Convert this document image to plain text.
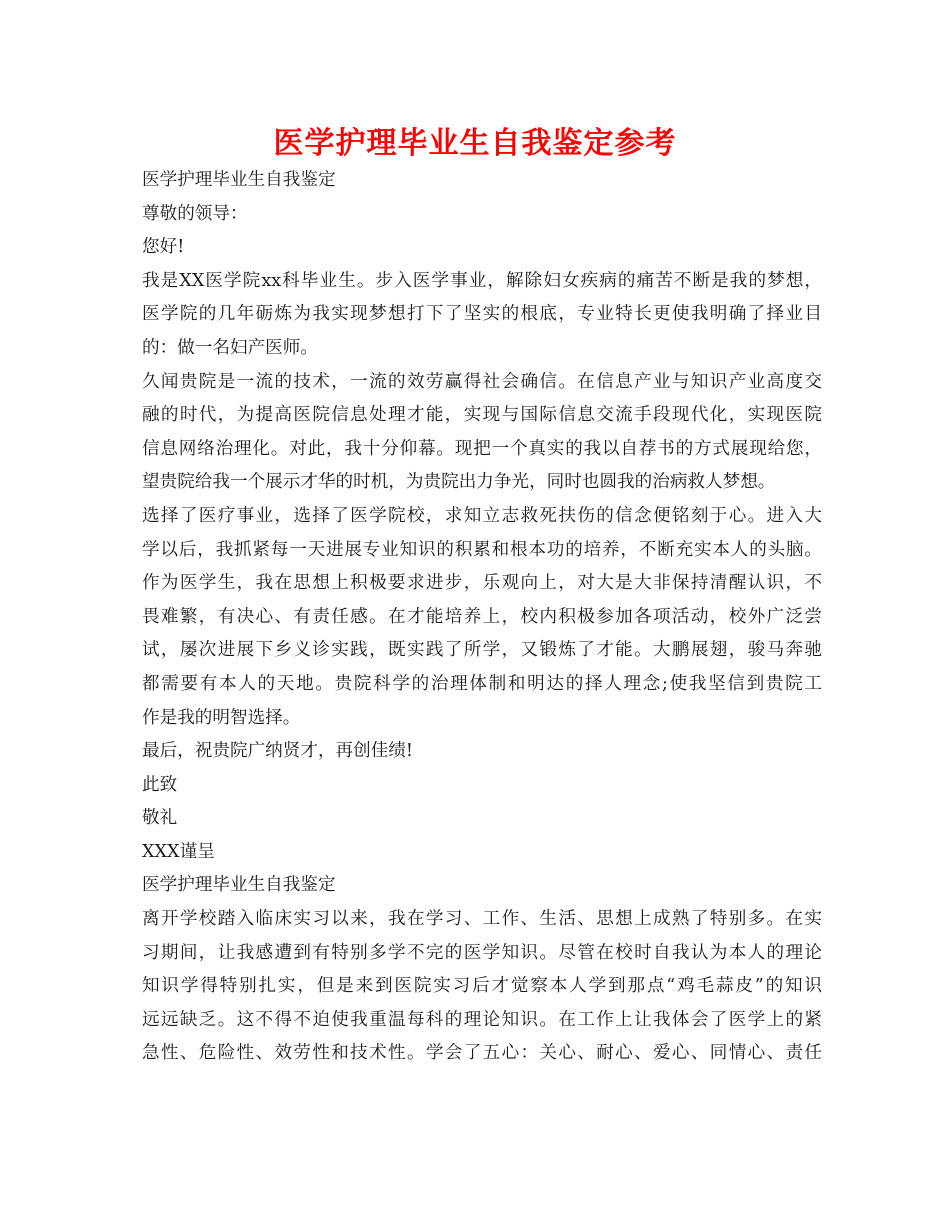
医学护理毕业生自我鉴定参考
医学护理毕业生自我鉴定
尊敬的领导：
您好!
我是XX医学院xx科毕业生。步入医学事业，解除妇女疾病的痛苦不断是我的梦想，
医学院的几年砺炼为我实现梦想打下了坚实的根底，专业特长更使我明确了择业目
的：做一名妇产医师。
久闻贵院是一流的技术，一流的效劳赢得社会确信。在信息产业与知识产业高度交
融的时代，为提高医院信息处理才能，实现与国际信息交流手段现代化，实现医院
信息网络治理化。对此，我十分仰幕。现把一个真实的我以自荐书的方式展现给您，
望贵院给我一个展示才华的时机，为贵院出力争光，同时也圆我的治病救人梦想。
选择了医疗事业，选择了医学院校，求知立志救死扶伤的信念便铭刻于心。进入大
学以后，我抓紧每一天进展专业知识的积累和根本功的培养，不断充实本人的头脑。
作为医学生，我在思想上积极要求进步，乐观向上，对大是大非保持清醒认识，不
畏难繁，有决心、有责任感。在才能培养上，校内积极参加各项活动，校外广泛尝
试，屡次进展下乡义诊实践，既实践了所学，又锻炼了才能。大鹏展翅，骏马奔驰
都需要有本人的天地。贵院科学的治理体制和明达的择人理念;使我坚信到贵院工
作是我的明智选择。
最后，祝贵院广纳贤才，再创佳绩!
此致
敬礼
XXX谨呈
医学护理毕业生自我鉴定
离开学校踏入临床实习以来，我在学习、工作、生活、思想上成熟了特别多。在实
习期间，让我感遭到有特别多学不完的医学知识。尽管在校时自我认为本人的理论
知识学得特别扎实，但是来到医院实习后才觉察本人学到那点“鸡毛蒜皮”的知识
远远缺乏。这不得不迫使我重温每科的理论知识。在工作上让我体会了医学上的紧
急性、危险性、效劳性和技术性。学会了五心：关心、耐心、爱心、同情心、责任
